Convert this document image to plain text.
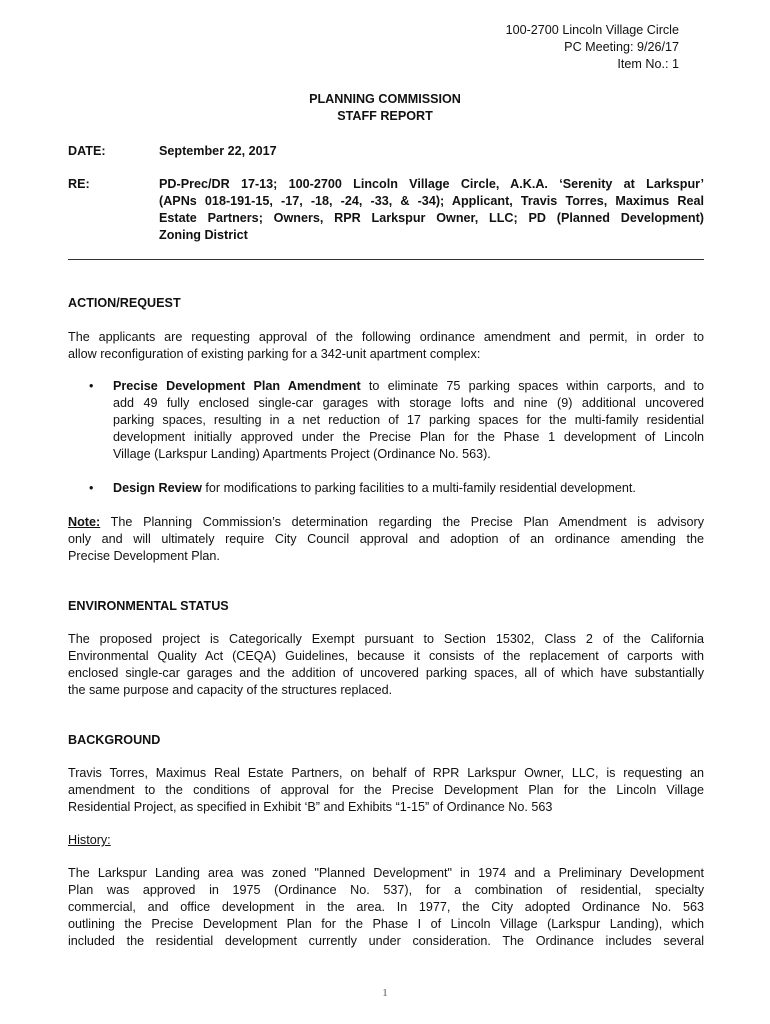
100-2700 Lincoln Village Circle
PC Meeting: 9/26/17
Item No.: 1
PLANNING COMMISSION
STAFF REPORT
DATE:	September 22, 2017
RE:	PD-Prec/DR 17-13; 100-2700 Lincoln Village Circle, A.K.A. ‘Serenity at Larkspur’
(APNs 018-191-15, -17, -18, -24, -33, & -34); Applicant, Travis Torres, Maximus Real
Estate Partners; Owners, RPR Larkspur Owner, LLC; PD (Planned Development)
Zoning District
ACTION/REQUEST
The applicants are requesting approval of the following ordinance amendment and permit, in order to
allow reconfiguration of existing parking for a 342-unit apartment complex:
• Precise Development Plan Amendment to eliminate 75 parking spaces within carports, and to
add 49 fully enclosed single-car garages with storage lofts and nine (9) additional uncovered
parking spaces, resulting in a net reduction of 17 parking spaces for the multi-family residential
development initially approved under the Precise Plan for the Phase 1 development of Lincoln
Village (Larkspur Landing) Apartments Project (Ordinance No. 563).
• Design Review for modifications to parking facilities to a multi-family residential development.
Note: The Planning Commission’s determination regarding the Precise Plan Amendment is advisory
only and will ultimately require City Council approval and adoption of an ordinance amending the
Precise Development Plan.
ENVIRONMENTAL STATUS
The proposed project is Categorically Exempt pursuant to Section 15302, Class 2 of the California
Environmental Quality Act (CEQA) Guidelines, because it consists of the replacement of carports with
enclosed single-car garages and the addition of uncovered parking spaces, all of which have substantially
the same purpose and capacity of the structures replaced.
BACKGROUND
Travis Torres, Maximus Real Estate Partners, on behalf of RPR Larkspur Owner, LLC, is requesting an
amendment to the conditions of approval for the Precise Development Plan for the Lincoln Village
Residential Project, as specified in Exhibit ‘B” and Exhibits “1-15” of Ordinance No. 563
History:
The Larkspur Landing area was zoned "Planned Development" in 1974 and a Preliminary Development
Plan was approved in 1975 (Ordinance No. 537), for a combination of residential, specialty
commercial, and office development in the area. In 1977, the City adopted Ordinance No. 563
outlining the Precise Development Plan for the Phase I of Lincoln Village (Larkspur Landing), which
included the residential development currently under consideration. The Ordinance includes several
1
